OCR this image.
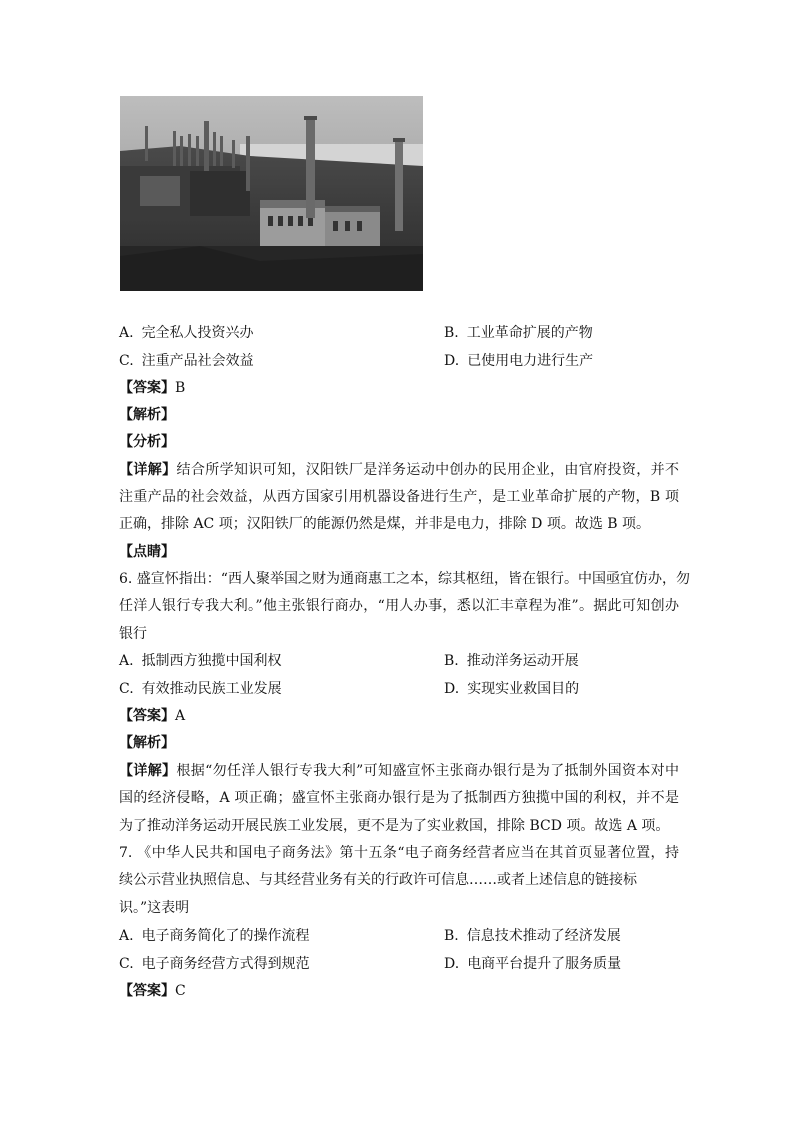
A. 完全私人投资兴办	B. 工业革命扩展的产物
C. 注重产品社会效益	D. 已使用电力进行生产
【答案】B
【解析】
【分析】
【详解】结合所学知识可知，汉阳铁厂是洋务运动中创办的民用企业，由官府投资，并不
注重产品的社会效益，从西方国家引用机器设备进行生产，是工业革命扩展的产物，B 项
正确，排除 AC 项；汉阳铁厂的能源仍然是煤，并非是电力，排除 D 项。故选 B 项。
【点睛】
6. 盛宣怀指出：“西人聚举国之财为通商惠工之本，综其枢纽，皆在银行。中国亟宜仿办，勿
任洋人银行专我大利。”他主张银行商办，“用人办事，悉以汇丰章程为准”。据此可知创办
银行
A. 抵制西方独揽中国利权	B. 推动洋务运动开展
C. 有效推动民族工业发展	D. 实现实业救国目的
【答案】A
【解析】
【详解】根据“勿任洋人银行专我大利”可知盛宣怀主张商办银行是为了抵制外国资本对中
国的经济侵略，A 项正确；盛宣怀主张商办银行是为了抵制西方独揽中国的利权，并不是
为了推动洋务运动开展民族工业发展，更不是为了实业救国，排除 BCD 项。故选 A 项。
7. 《中华人民共和国电子商务法》第十五条“电子商务经营者应当在其首页显著位置，持
续公示营业执照信息、与其经营业务有关的行政许可信息……或者上述信息的链接标
识。”这表明
A. 电子商务简化了的操作流程	B. 信息技术推动了经济发展
C. 电子商务经营方式得到规范	D. 电商平台提升了服务质量
【答案】C
